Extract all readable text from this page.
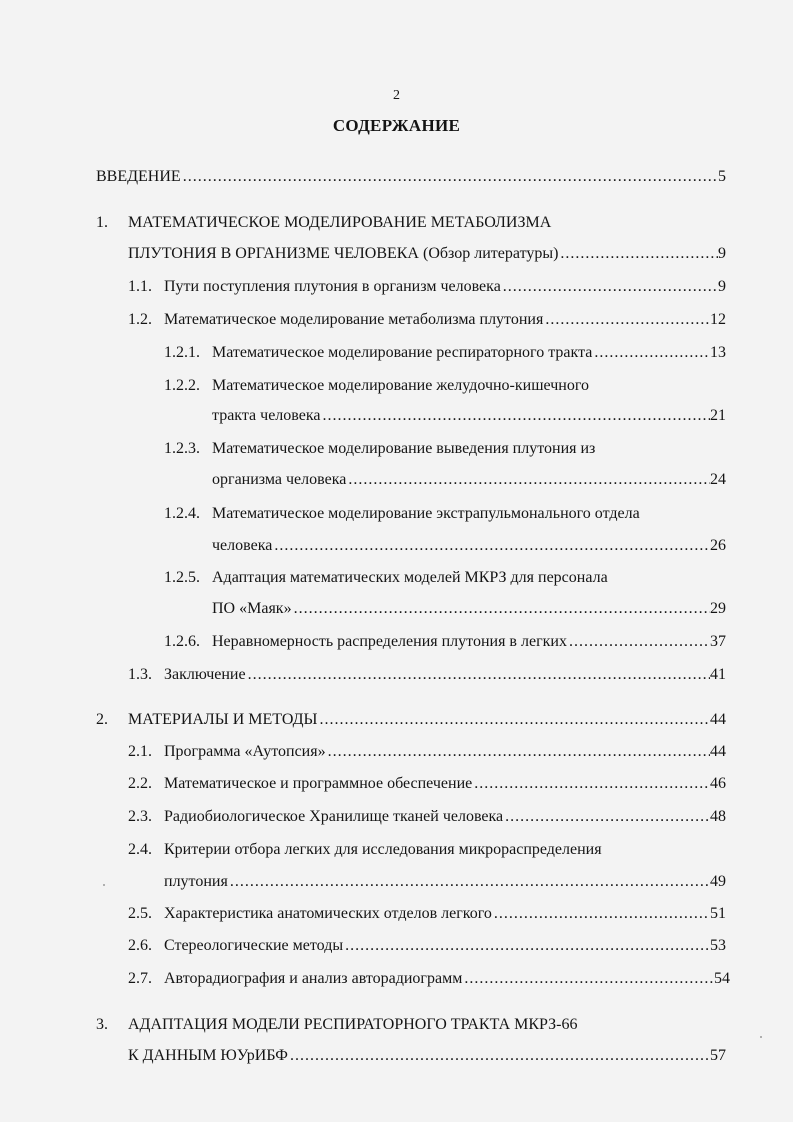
2
СОДЕРЖАНИЕ
ВВЕДЕНИЕ .....	5
1.	МАТЕМАТИЧЕСКОЕ МОДЕЛИРОВАНИЕ МЕТАБОЛИЗМА
ПЛУТОНИЯ В ОРГАНИЗМЕ ЧЕЛОВЕКА (Обзор литературы) .....	9
1.1. Пути поступления плутония в организм человека .....	9
1.2. Математическое моделирование метаболизма плутония .....	12
1.2.1. Математическое моделирование респираторного тракта .....	13
1.2.2. Математическое моделирование желудочно-кишечного
тракта человека .....	21
1.2.3. Математическое моделирование выведения плутония из
организма человека .....	24
1.2.4. Математическое моделирование экстрапульмонального отдела
человека .....	26
1.2.5. Адаптация математических моделей МКРЗ для персонала
ПО «Маяк» .....	29
1.2.6. Неравномерность распределения плутония в легких .....	37
1.3. Заключение .....	41
2.	МАТЕРИАЛЫ И МЕТОДЫ .....	44
2.1. Программа «Аутопсия» .....	44
2.2. Математическое и программное обеспечение .....	46
2.3. Радиобиологическое Хранилище тканей человека .....	48
2.4. Критерии отбора легких для исследования микрораспределения
плутония .....	49
2.5. Характеристика анатомических отделов легкого .....	51
2.6. Стереологические методы .....	53
2.7. Авторадиография и анализ авторадиограмм .....	54
3.	АДАПТАЦИЯ МОДЕЛИ РЕСПИРАТОРНОГО ТРАКТА МКРЗ-66
К ДАННЫМ ЮУрИБФ .....	57
